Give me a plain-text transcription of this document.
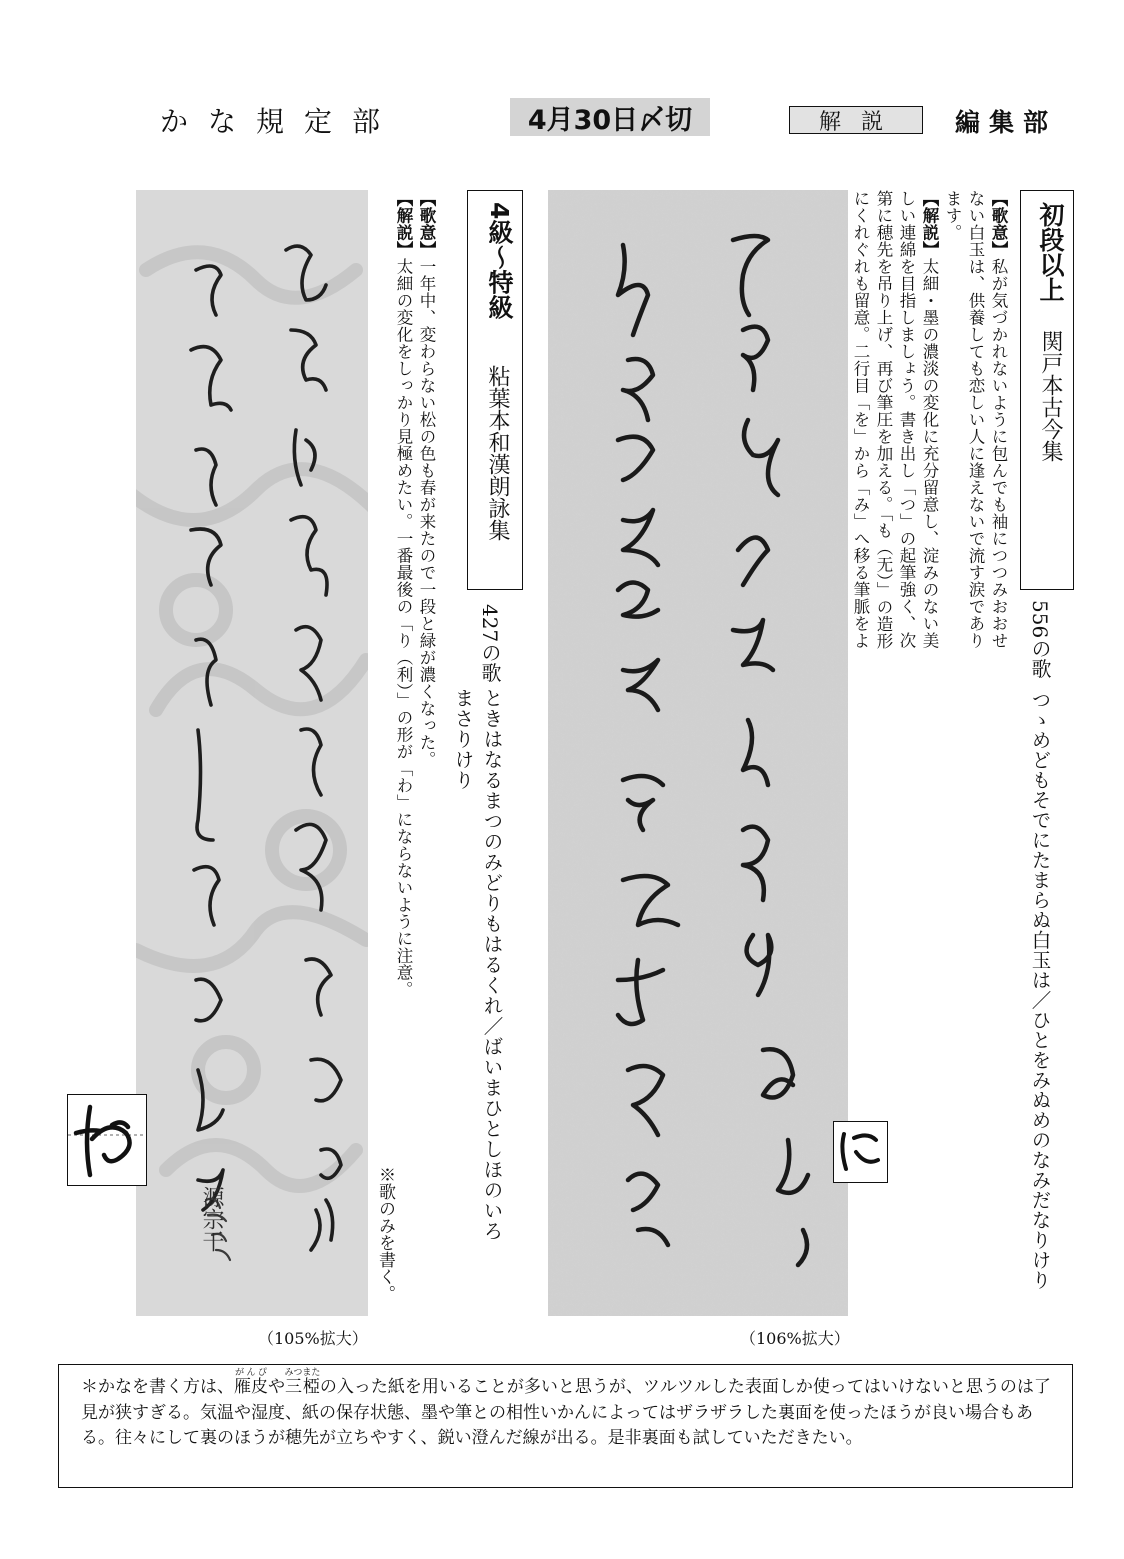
かな規定部	4月30日〆切	解説	編集部
初段以上
関戸本古今集
556の歌
つゝめどもそでにたまらぬ白玉は／ひとをみぬめのなみだなりけり
【歌意】私が気づかれないように包んでも袖につつみおおせない白玉は、供養しても恋しい人に逢えないで流す涙であります。
【解説】太細・墨の濃淡の変化に充分留意し、淀みのない美しい連綿を目指しましょう。書き出し「つ」の起筆強く、次第に穂先を吊り上げ、再び筆圧を加える。「も（无）」の造形にくれぐれも留意。二行目「を」から「み」へ移る筆脈をよ
（106%拡大）
4級～特級
粘葉本和漢朗詠集
427の歌
ときはなるまつのみどりもはるくれ／ばいまひとしほのいろ
まさりけり
※歌のみを書く。
【歌意】一年中、変わらない松の色も春が来たので一段と緑が濃くなった。
【解説】太細の変化をしっかり見極めたい。一番最後の「り（利）」の形が「わ」にならないように注意。
源宗干
（105%拡大）
＊かなを書く方は、雁皮がんぴや三椏みつまたの入った紙を用いることが多いと思うが、ツルツルした表面しか使ってはいけないと思うのは了見が狭すぎる。気温や湿度、紙の保存状態、墨や筆との相性いかんによってはザラザラした裏面を使ったほうが良い場合もある。往々にして裏のほうが穂先が立ちやすく、鋭い澄んだ線が出る。是非裏面も試していただきたい。
